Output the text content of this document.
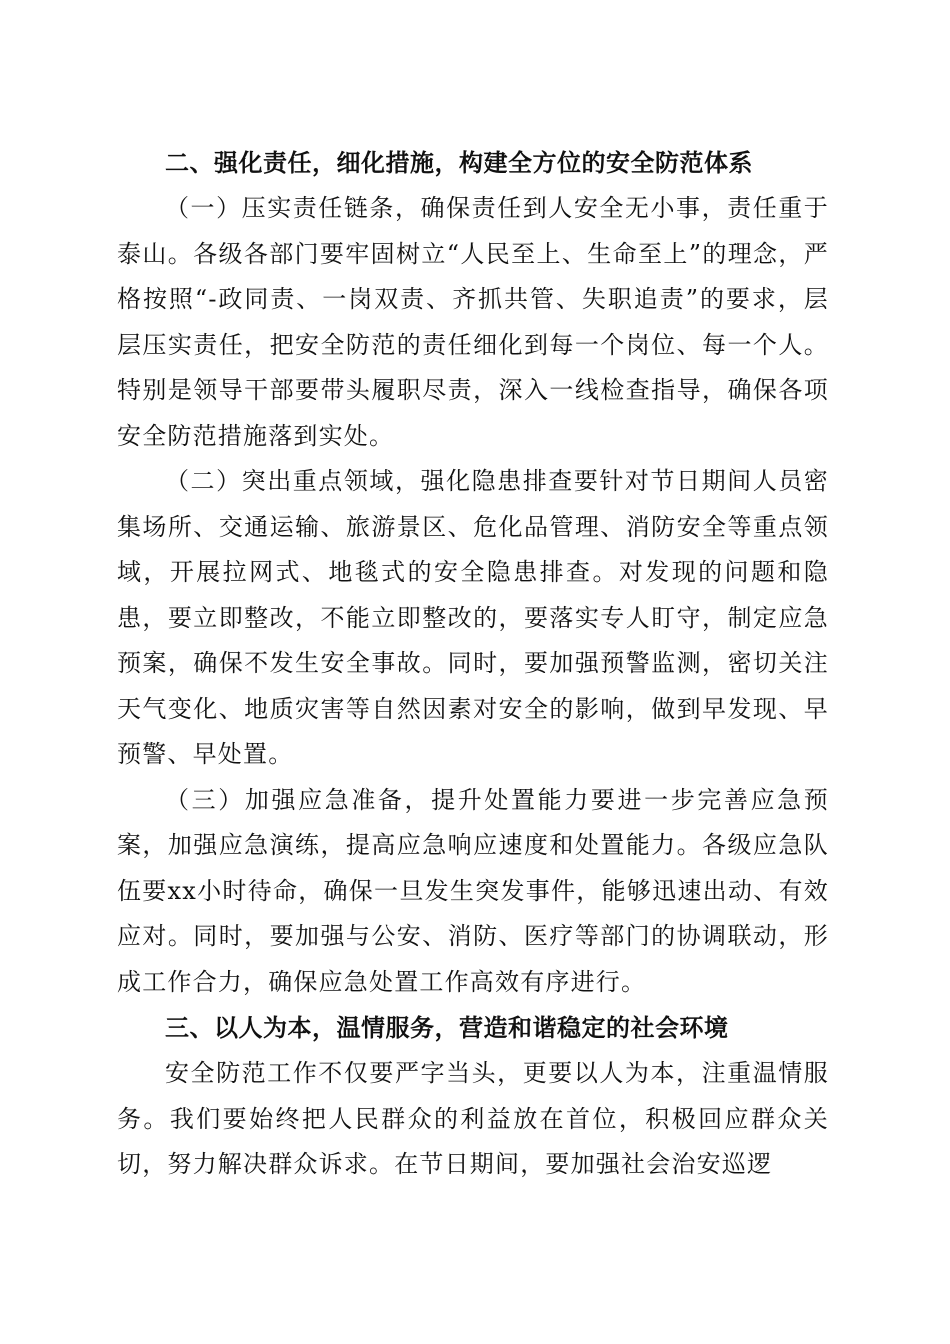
二、强化责任，细化措施，构建全方位的安全防范体系

（一）压实责任链条，确保责任到人安全无小事，责任重于泰山。各级各部门要牢固树立“人民至上、生命至上”的理念，严格按照“-政同责、一岗双责、齐抓共管、失职追责”的要求，层层压实责任，把安全防范的责任细化到每一个岗位、每一个人。特别是领导干部要带头履职尽责，深入一线检查指导，确保各项安全防范措施落到实处。

（二）突出重点领域，强化隐患排查要针对节日期间人员密集场所、交通运输、旅游景区、危化品管理、消防安全等重点领域，开展拉网式、地毯式的安全隐患排查。对发现的问题和隐患，要立即整改，不能立即整改的，要落实专人盯守，制定应急预案，确保不发生安全事故。同时，要加强预警监测，密切关注天气变化、地质灾害等自然因素对安全的影响，做到早发现、早预警、早处置。

（三）加强应急准备，提升处置能力要进一步完善应急预案，加强应急演练，提高应急响应速度和处置能力。各级应急队伍要xx小时待命，确保一旦发生突发事件，能够迅速出动、有效应对。同时，要加强与公安、消防、医疗等部门的协调联动，形成工作合力，确保应急处置工作高效有序进行。

三、以人为本，温情服务，营造和谐稳定的社会环境

安全防范工作不仅要严字当头，更要以人为本，注重温情服务。我们要始终把人民群众的利益放在首位，积极回应群众关切，努力解决群众诉求。在节日期间，要加强社会治安巡逻
